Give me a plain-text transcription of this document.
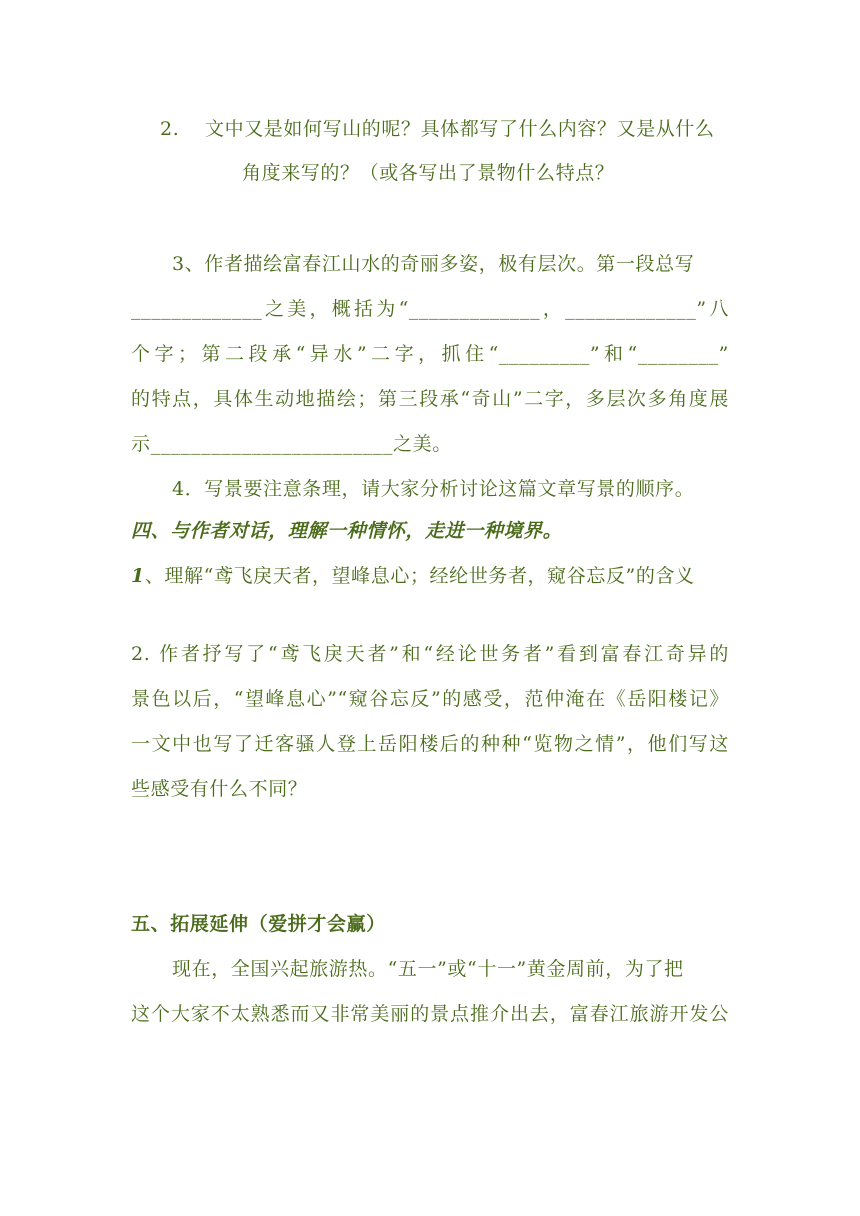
2. 文中又是如何写山的呢？具体都写了什么内容？又是从什么
角度来写的？（或各写出了景物什么特点？
3、作者描绘富春江山水的奇丽多姿，极有层次。第一段总写
_____________之美，概括为“_____________，_____________”八
个字；第二段承“异水”二字，抓住“_________”和“________”
的特点，具体生动地描绘；第三段承“奇山”二字，多层次多角度展
示________________________之美。
4．写景要注意条理，请大家分析讨论这篇文章写景的顺序。
四、与作者对话，理解一种情怀，走进一种境界。
1、理解“鸢飞戾天者，望峰息心；经纶世务者，窥谷忘反”的含义
2. 作者抒写了“鸢飞戾天者”和“经论世务者”看到富春江奇异的
景色以后，“望峰息心”“窥谷忘反”的感受，范仲淹在《岳阳楼记》
一文中也写了迁客骚人登上岳阳楼后的种种“览物之情”，他们写这
些感受有什么不同？
五、拓展延伸（爱拼才会赢）
现在，全国兴起旅游热。“五一”或“十一”黄金周前，为了把
这个大家不太熟悉而又非常美丽的景点推介出去，富春江旅游开发公
